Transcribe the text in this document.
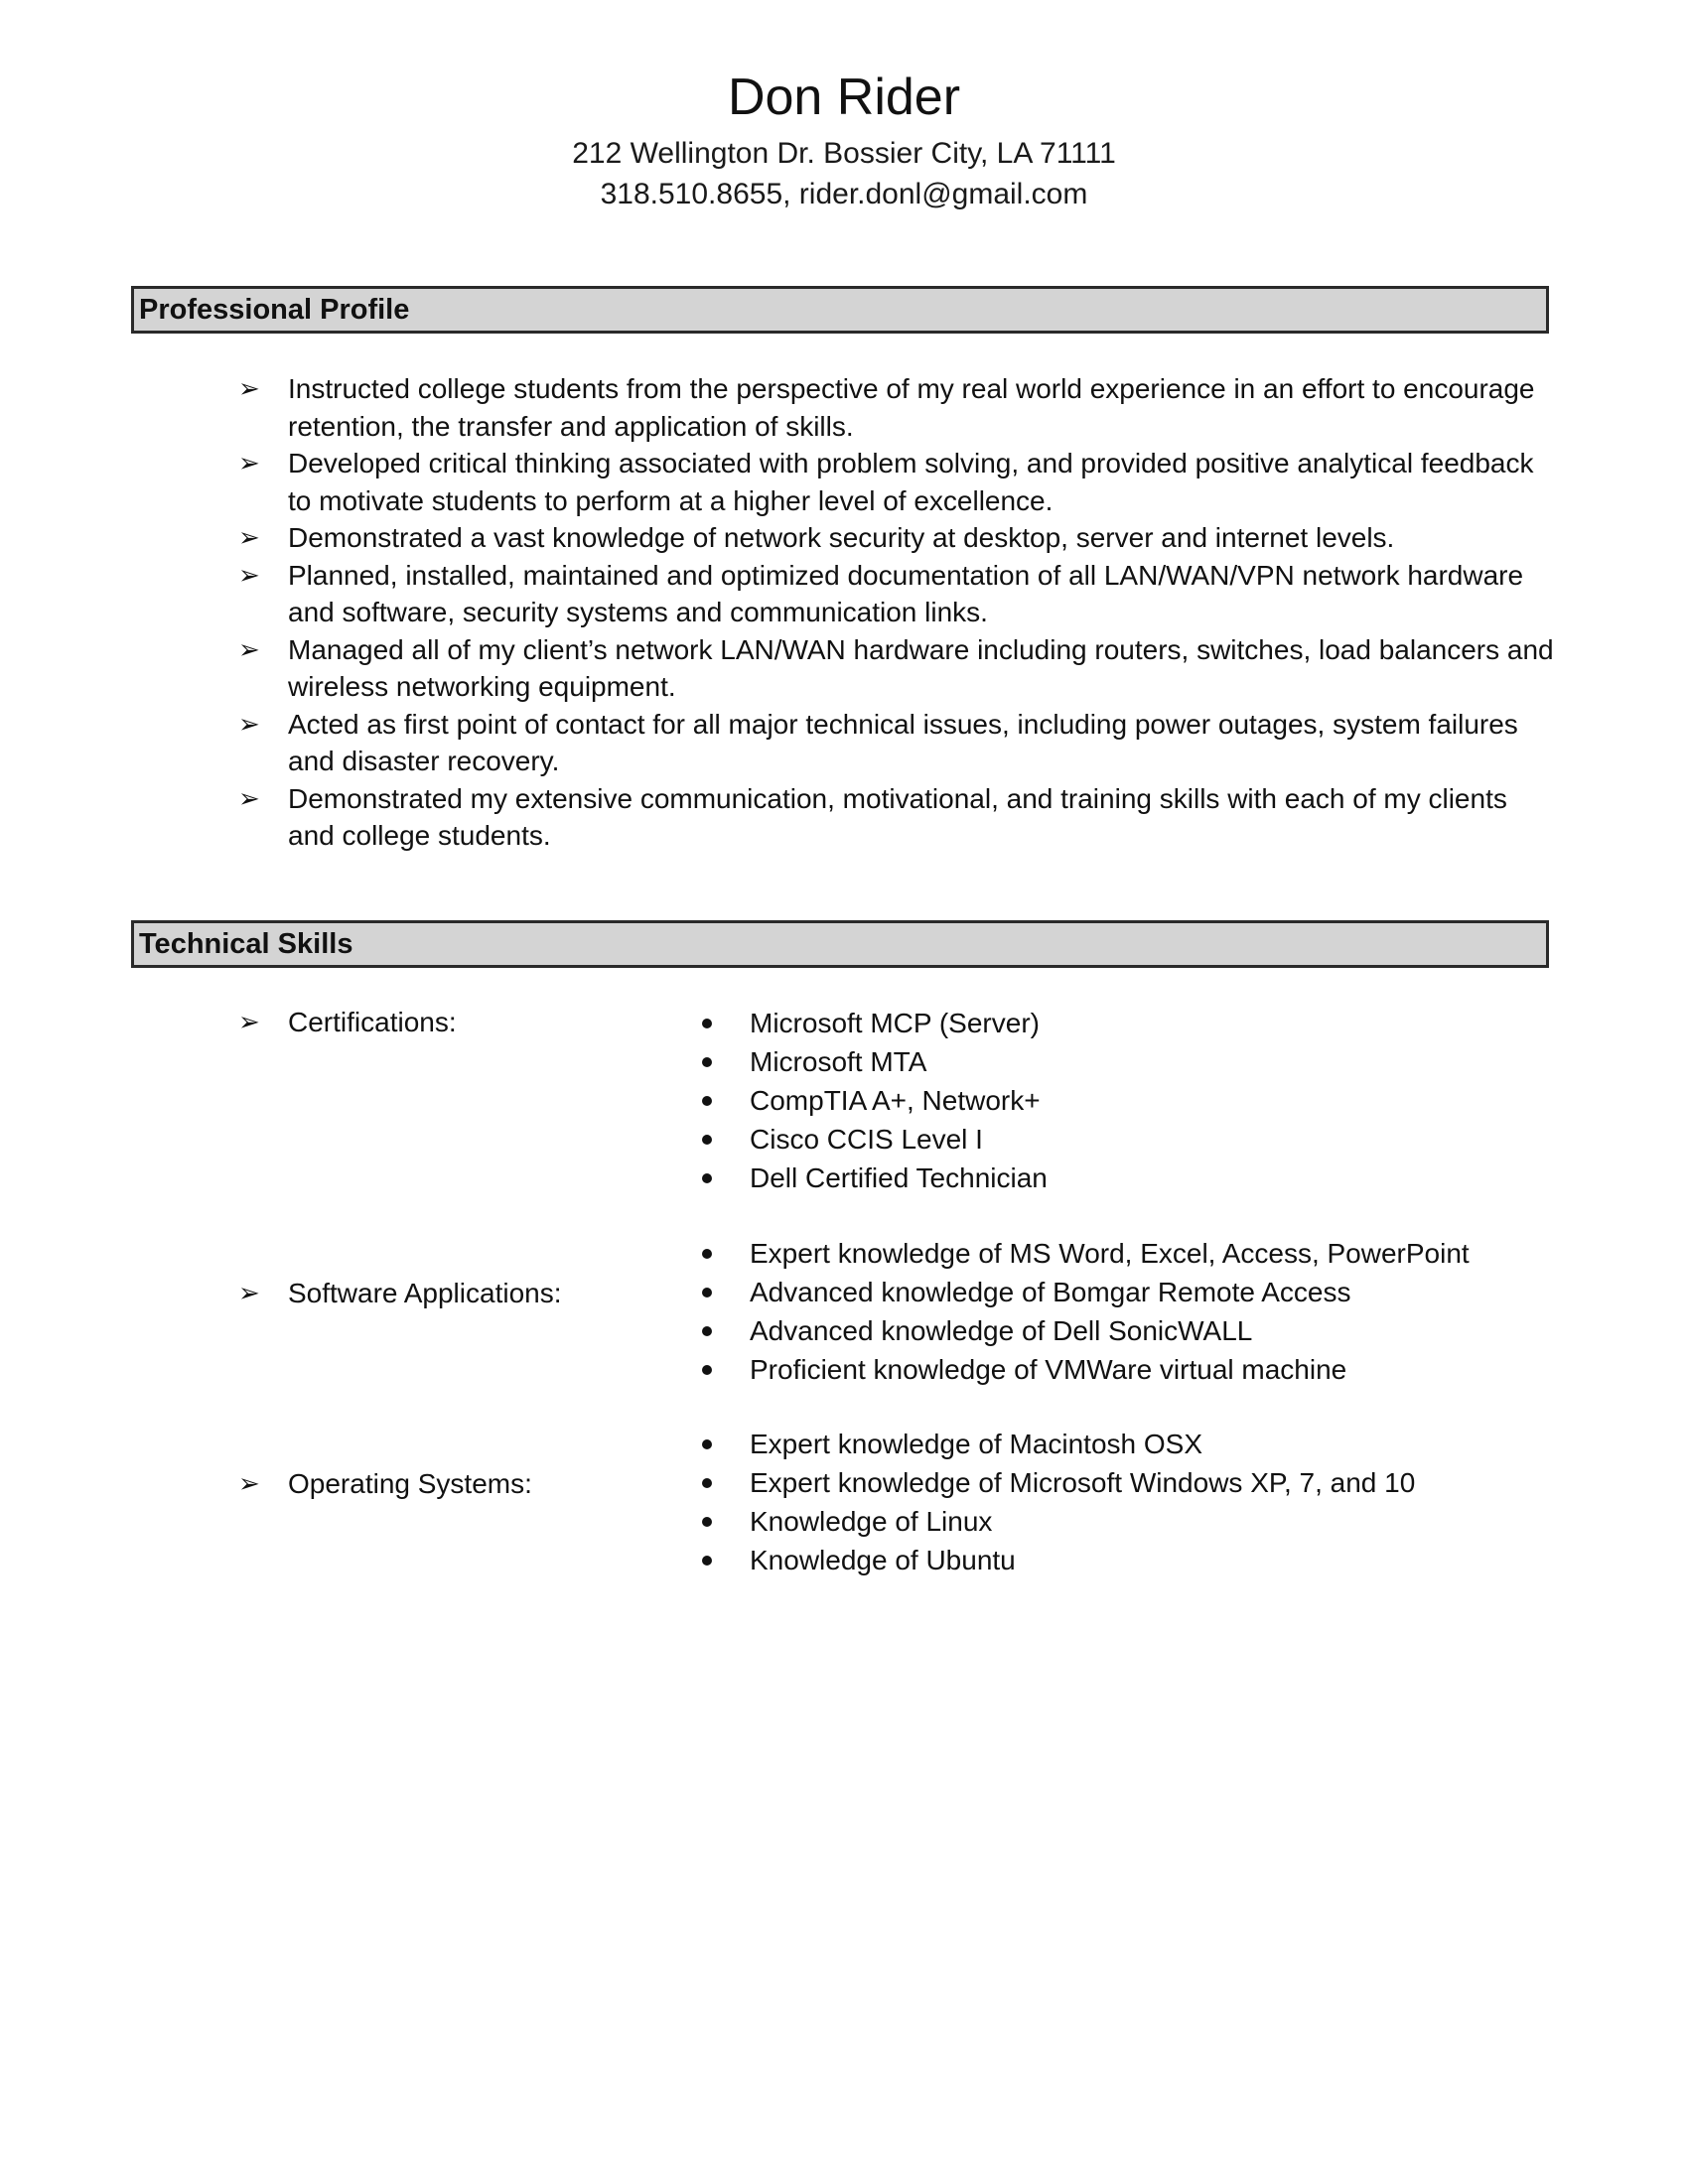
Don Rider
212 Wellington Dr. Bossier City, LA 71111
318.510.8655, rider.donl@gmail.com
Professional Profile
➢ Instructed college students from the perspective of my real world experience in an effort to encourage retention, the transfer and application of skills.
➢ Developed critical thinking associated with problem solving, and provided positive analytical feedback to motivate students to perform at a higher level of excellence.
➢ Demonstrated a vast knowledge of network security at desktop, server and internet levels.
➢ Planned, installed, maintained and optimized documentation of all LAN/WAN/VPN network hardware and software, security systems and communication links.
➢ Managed all of my client’s network LAN/WAN hardware including routers, switches, load balancers and wireless networking equipment.
➢ Acted as first point of contact for all major technical issues, including power outages, system failures and disaster recovery.
➢ Demonstrated my extensive communication, motivational, and training skills with each of my clients and college students.
Technical Skills
➢ Certifications:	Microsoft MCP (Server)
Microsoft MTA
CompTIA A+, Network+
Cisco CCIS Level I
Dell Certified Technician
➢ Software Applications:
Expert knowledge of MS Word, Excel, Access, PowerPoint
Advanced knowledge of Bomgar Remote Access
Advanced knowledge of Dell SonicWALL
Proficient knowledge of VMWare virtual machine
➢ Operating Systems:
Expert knowledge of Macintosh OSX
Expert knowledge of Microsoft Windows XP, 7, and 10
Knowledge of Linux
Knowledge of Ubuntu
